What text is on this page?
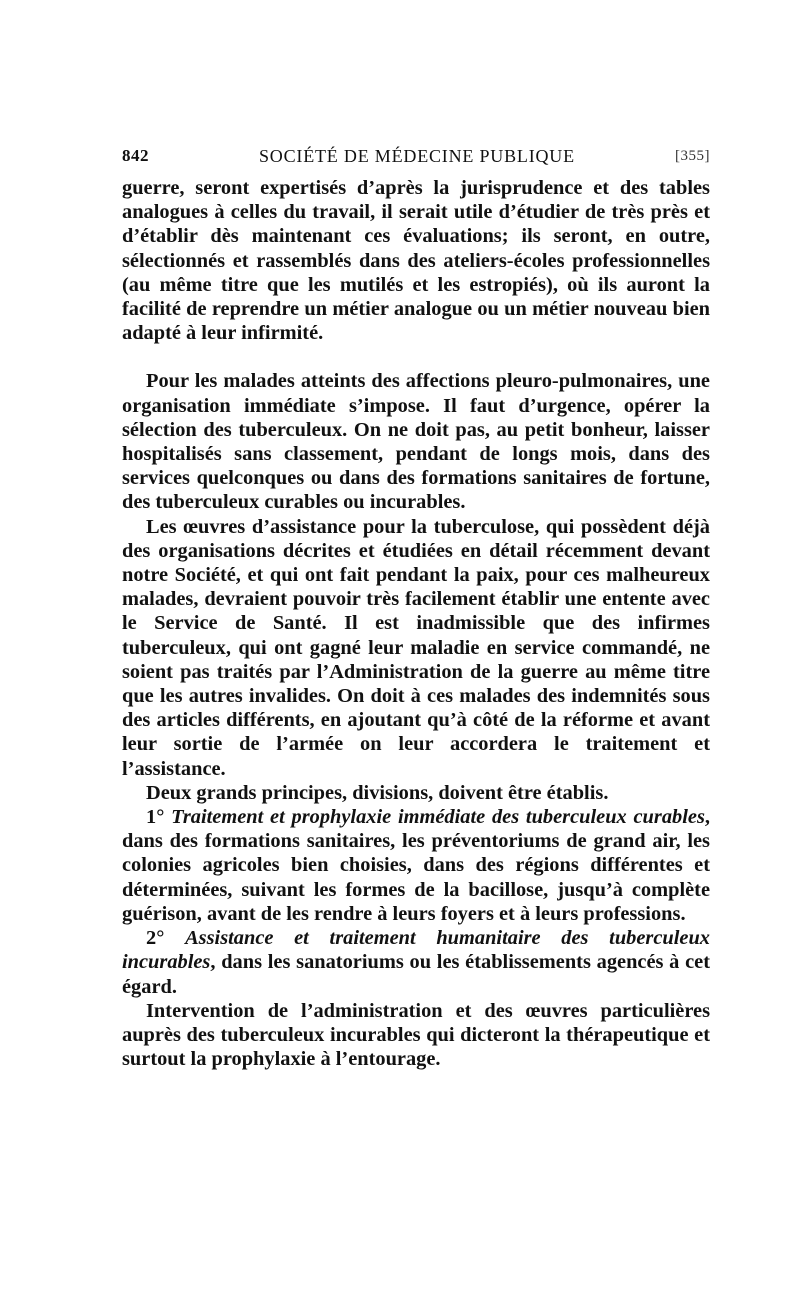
842	SOCIÉTÉ DE MÉDECINE PUBLIQUE	[355]

guerre, seront expertisés d’après la jurisprudence et des tables analogues à celles du travail, il serait utile d’étudier de très près et d’établir dès maintenant ces évaluations; ils seront, en outre, sélectionnés et rassemblés dans des ateliers-écoles professionnelles (au même titre que les mutilés et les estropiés), où ils auront la facilité de reprendre un métier analogue ou un métier nouveau bien adapté à leur infirmité.

Pour les malades atteints des affections pleuro-pulmonaires, une organisation immédiate s’impose. Il faut d’urgence, opérer la sélection des tuberculeux. On ne doit pas, au petit bonheur, laisser hospitalisés sans classement, pendant de longs mois, dans des services quelconques ou dans des formations sanitaires de fortune, des tuberculeux curables ou incurables.

Les œuvres d’assistance pour la tuberculose, qui possèdent déjà des organisations décrites et étudiées en détail récemment devant notre Société, et qui ont fait pendant la paix, pour ces malheureux malades, devraient pouvoir très facilement établir une entente avec le Service de Santé. Il est inadmissible que des infirmes tuberculeux, qui ont gagné leur maladie en service commandé, ne soient pas traités par l’Administration de la guerre au même titre que les autres invalides. On doit à ces malades des indemnités sous des articles différents, en ajoutant qu’à côté de la réforme et avant leur sortie de l’armée on leur accordera le traitement et l’assistance.

Deux grands principes, divisions, doivent être établis.

1° Traitement et prophylaxie immédiate des tuberculeux curables, dans des formations sanitaires, les préventoriums de grand air, les colonies agricoles bien choisies, dans des régions différentes et déterminées, suivant les formes de la bacillose, jusqu’à complète guérison, avant de les rendre à leurs foyers et à leurs professions.

2° Assistance et traitement humanitaire des tuberculeux incurables, dans les sanatoriums ou les établissements agencés à cet égard.

Intervention de l’administration et des œuvres particulières auprès des tuberculeux incurables qui dicteront la thérapeutique et surtout la prophylaxie à l’entourage.
